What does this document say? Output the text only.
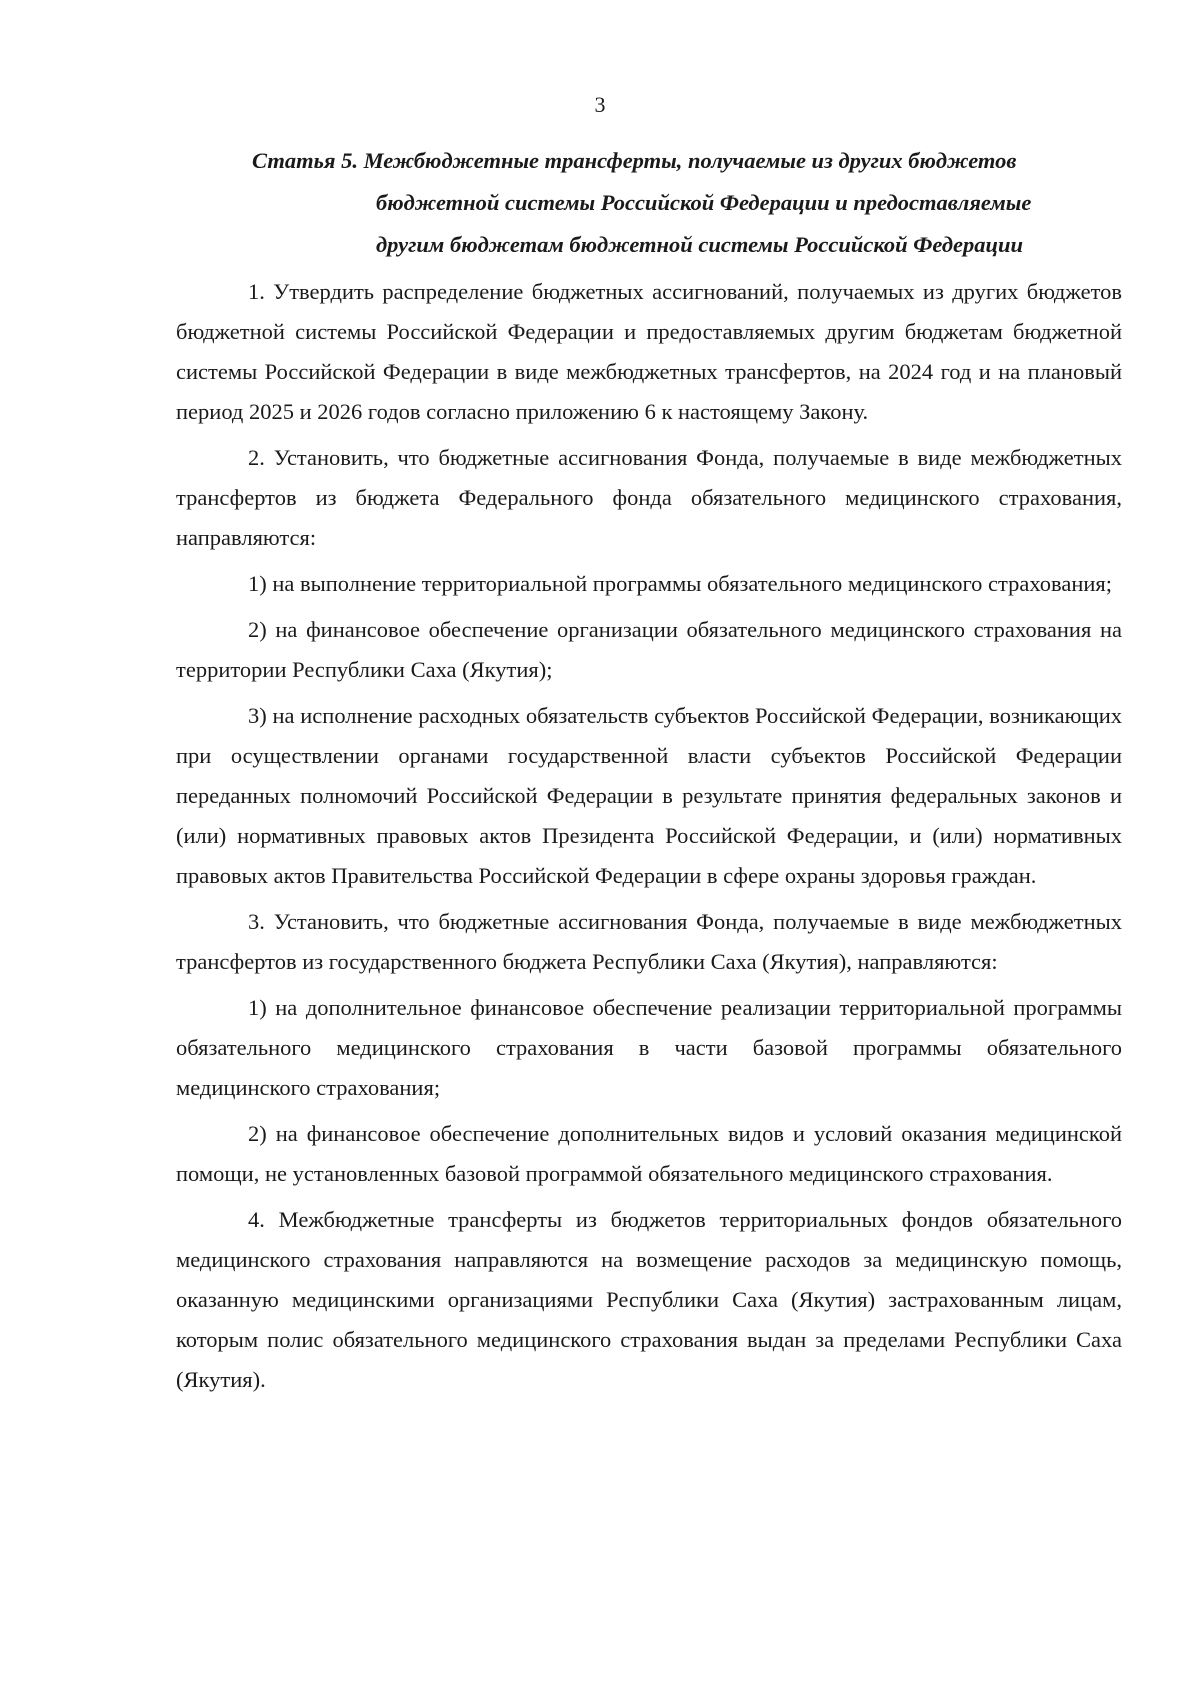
3
Статья 5. Межбюджетные трансферты, получаемые из других бюджетов
бюджетной системы Российской Федерации и предоставляемые
другим бюджетам бюджетной системы Российской Федерации

1. Утвердить распределение бюджетных ассигнований, получаемых из других бюджетов бюджетной системы Российской Федерации и предоставляемых другим бюджетам бюджетной системы Российской Федерации в виде межбюджетных трансфертов, на 2024 год и на плановый период 2025 и 2026 годов согласно приложению 6 к настоящему Закону.

2. Установить, что бюджетные ассигнования Фонда, получаемые в виде межбюджетных трансфертов из бюджета Федерального фонда обязательного медицинского страхования, направляются:

1) на выполнение территориальной программы обязательного медицинского страхования;

2) на финансовое обеспечение организации обязательного медицинского страхования на территории Республики Саха (Якутия);

3) на исполнение расходных обязательств субъектов Российской Федерации, возникающих при осуществлении органами государственной власти субъектов Российской Федерации переданных полномочий Российской Федерации в результате принятия федеральных законов и (или) нормативных правовых актов Президента Российской Федерации, и (или) нормативных правовых актов Правительства Российской Федерации в сфере охраны здоровья граждан.

3. Установить, что бюджетные ассигнования Фонда, получаемые в виде межбюджетных трансфертов из государственного бюджета Республики Саха (Якутия), направляются:

1) на дополнительное финансовое обеспечение реализации территориальной программы обязательного медицинского страхования в части базовой программы обязательного медицинского страхования;

2) на финансовое обеспечение дополнительных видов и условий оказания медицинской помощи, не установленных базовой программой обязательного медицинского страхования.

4. Межбюджетные трансферты из бюджетов территориальных фондов обязательного медицинского страхования направляются на возмещение расходов за медицинскую помощь, оказанную медицинскими организациями Республики Саха (Якутия) застрахованным лицам, которым полис обязательного медицинского страхования выдан за пределами Республики Саха (Якутия).
